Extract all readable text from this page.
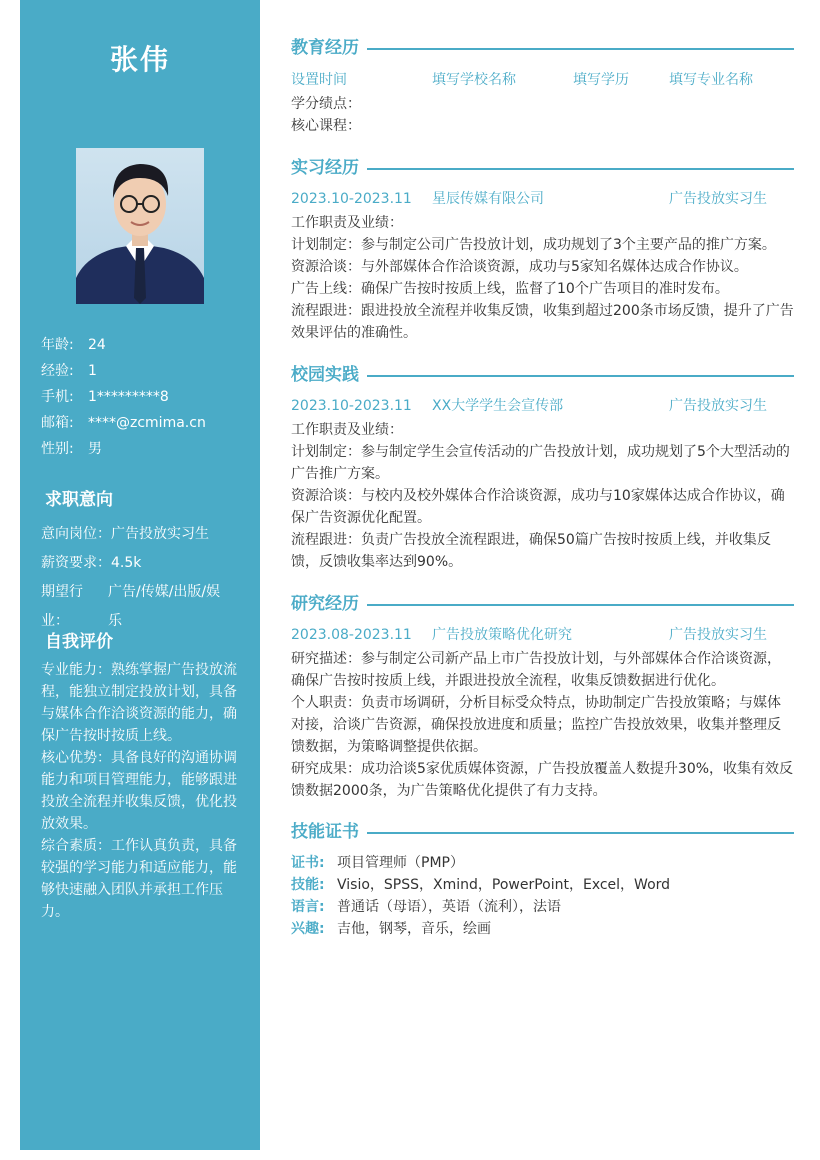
张伟
年龄: 24
经验: 1
手机: 1*********8
邮箱: ****@zcmima.cn
性别: 男
求职意向
意向岗位：广告投放实习生
薪资要求：4.5k
期望行业：
广告/传媒/出版/娱乐
自我评价

专业能力：熟练掌握广告投放流程，能独立制定投放计划，具备与媒体合作洽谈资源的能力，确保广告按时按质上线。

核心优势：具备良好的沟通协调能力和项目管理能力，能够跟进投放全流程并收集反馈，优化投放效果。

综合素质：工作认真负责，具备较强的学习能力和适应能力，能够快速融入团队并承担工作压力。

教育经历
设置时间	填写学校名称	填写学历	填写专业名称

学分绩点：

核心课程：

实习经历
2023.10-2023.11 星辰传媒有限公司	广告投放实习生

工作职责及业绩：

计划制定：参与制定公司广告投放计划，成功规划了3个主要产品的推广方案。

资源洽谈：与外部媒体合作洽谈资源，成功与5家知名媒体达成合作协议。

广告上线：确保广告按时按质上线，监督了10个广告项目的准时发布。

流程跟进：跟进投放全流程并收集反馈，收集到超过200条市场反馈，提升了广告效果评估的准确性。

校园实践
2023.10-2023.11 XX大学学生会宣传部	广告投放实习生

工作职责及业绩：

计划制定：参与制定学生会宣传活动的广告投放计划，成功规划了5个大型活动的广告推广方案。

资源洽谈：与校内及校外媒体合作洽谈资源，成功与10家媒体达成合作协议，确保广告资源优化配置。

流程跟进：负责广告投放全流程跟进，确保50篇广告按时按质上线，并收集反馈，反馈收集率达到90%。

研究经历
2023.08-2023.11 广告投放策略优化研究	广告投放实习生

研究描述：参与制定公司新产品上市广告投放计划，与外部媒体合作洽谈资源，确保广告按时按质上线，并跟进投放全流程，收集反馈数据进行优化。

个人职责：负责市场调研，分析目标受众特点，协助制定广告投放策略；与媒体对接，洽谈广告资源，确保投放进度和质量；监控广告投放效果，收集并整理反馈数据，为策略调整提供依据。

研究成果：成功洽谈5家优质媒体资源，广告投放覆盖人数提升30%，收集有效反馈数据2000条，为广告策略优化提供了有力支持。

技能证书
证书: 项目管理师（PMP）
技能: Visio，SPSS，Xmind，PowerPoint，Excel，Word
语言: 普通话（母语），英语（流利），法语
兴趣: 吉他，钢琴，音乐，绘画
